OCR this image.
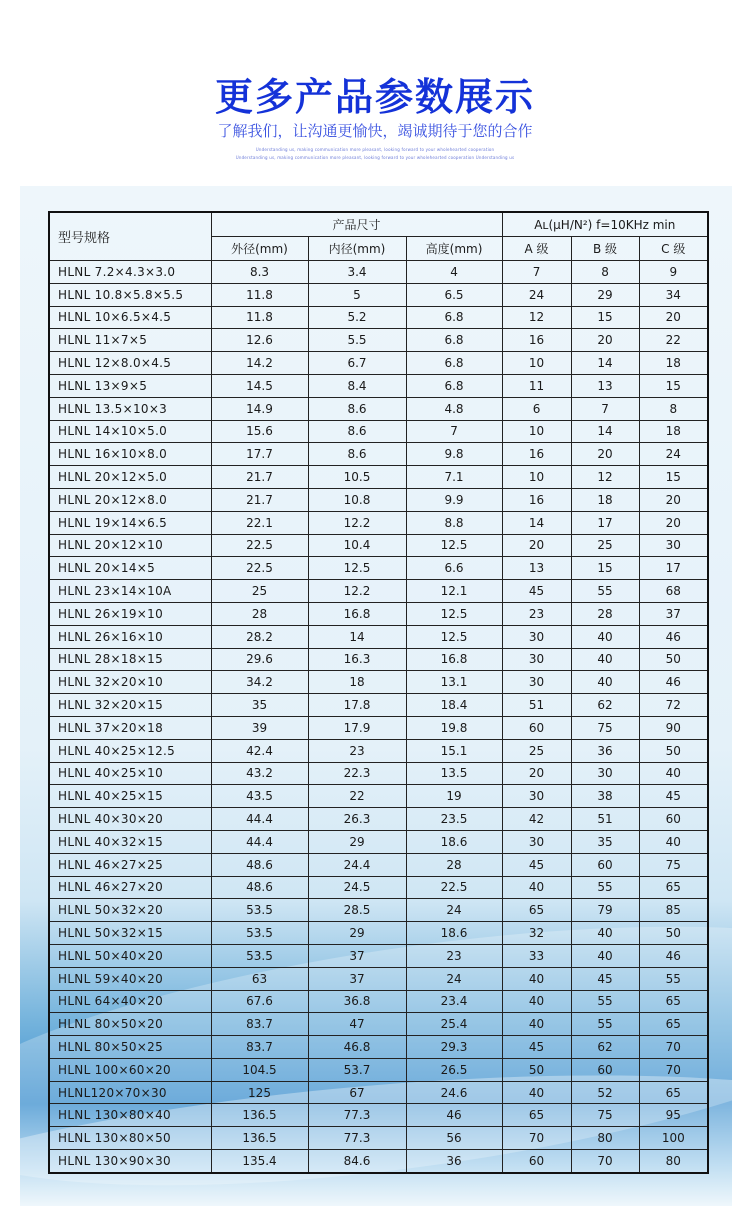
更多产品参数展示
了解我们，让沟通更愉快，竭诚期待于您的合作
Understanding us, making communication more pleasant, looking forward to your wholehearted cooperation
Understanding us, making communication more pleasant, looking forward to your wholehearted cooperation Understanding us
型号规格	产品尺寸			Aʟ(μH/N²) f=10KHz min		
	外径(mm)	内径(mm)	高度(mm)	A 级	B 级	C 级
HLNL 7.2×4.3×3.0	8.3	3.4	4	7	8	9
HLNL 10.8×5.8×5.5	11.8	5	6.5	24	29	34
HLNL 10×6.5×4.5	11.8	5.2	6.8	12	15	20
HLNL 11×7×5	12.6	5.5	6.8	16	20	22
HLNL 12×8.0×4.5	14.2	6.7	6.8	10	14	18
HLNL 13×9×5	14.5	8.4	6.8	11	13	15
HLNL 13.5×10×3	14.9	8.6	4.8	6	7	8
HLNL 14×10×5.0	15.6	8.6	7	10	14	18
HLNL 16×10×8.0	17.7	8.6	9.8	16	20	24
HLNL 20×12×5.0	21.7	10.5	7.1	10	12	15
HLNL 20×12×8.0	21.7	10.8	9.9	16	18	20
HLNL 19×14×6.5	22.1	12.2	8.8	14	17	20
HLNL 20×12×10	22.5	10.4	12.5	20	25	30
HLNL 20×14×5	22.5	12.5	6.6	13	15	17
HLNL 23×14×10A	25	12.2	12.1	45	55	68
HLNL 26×19×10	28	16.8	12.5	23	28	37
HLNL 26×16×10	28.2	14	12.5	30	40	46
HLNL 28×18×15	29.6	16.3	16.8	30	40	50
HLNL 32×20×10	34.2	18	13.1	30	40	46
HLNL 32×20×15	35	17.8	18.4	51	62	72
HLNL 37×20×18	39	17.9	19.8	60	75	90
HLNL 40×25×12.5	42.4	23	15.1	25	36	50
HLNL 40×25×10	43.2	22.3	13.5	20	30	40
HLNL 40×25×15	43.5	22	19	30	38	45
HLNL 40×30×20	44.4	26.3	23.5	42	51	60
HLNL 40×32×15	44.4	29	18.6	30	35	40
HLNL 46×27×25	48.6	24.4	28	45	60	75
HLNL 46×27×20	48.6	24.5	22.5	40	55	65
HLNL 50×32×20	53.5	28.5	24	65	79	85
HLNL 50×32×15	53.5	29	18.6	32	40	50
HLNL 50×40×20	53.5	37	23	33	40	46
HLNL 59×40×20	63	37	24	40	45	55
HLNL 64×40×20	67.6	36.8	23.4	40	55	65
HLNL 80×50×20	83.7	47	25.4	40	55	65
HLNL 80×50×25	83.7	46.8	29.3	45	62	70
HLNL 100×60×20	104.5	53.7	26.5	50	60	70
HLNL120×70×30	125	67	24.6	40	52	65
HLNL 130×80×40	136.5	77.3	46	65	75	95
HLNL 130×80×50	136.5	77.3	56	70	80	100
HLNL 130×90×30	135.4	84.6	36	60	70	80
